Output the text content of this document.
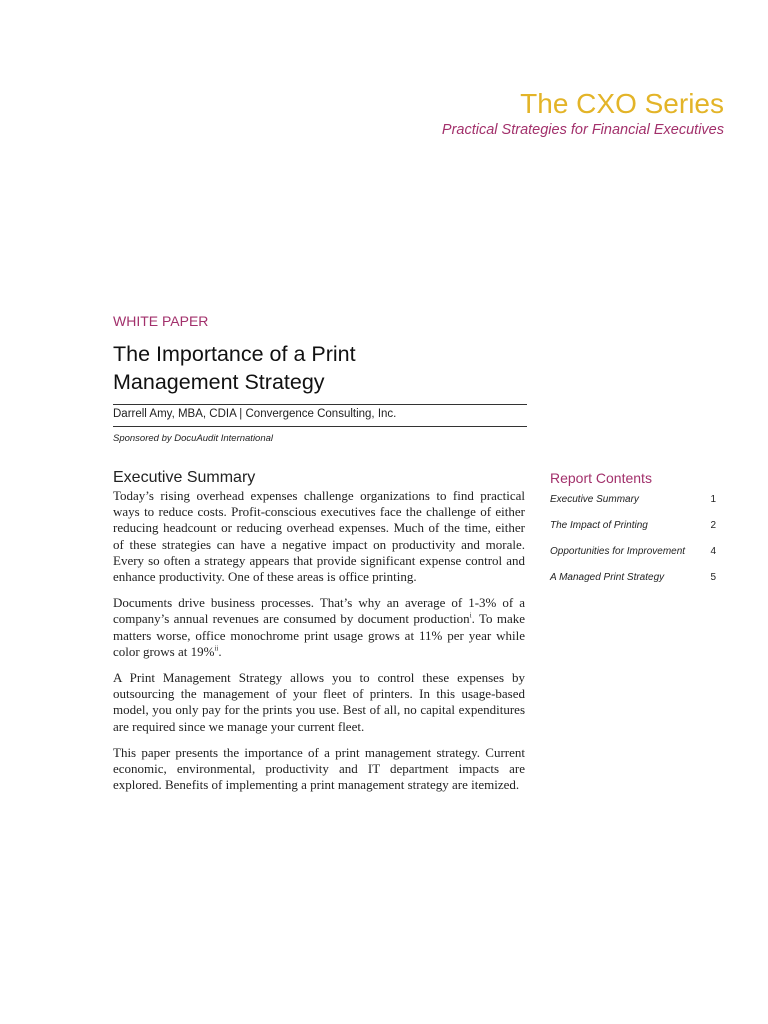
The CXO Series
Practical Strategies for Financial Executives
WHITE PAPER
The Importance of a Print
Management Strategy
Darrell Amy, MBA, CDIA | Convergence Consulting, Inc.
Sponsored by DocuAudit International
Executive Summary

Today’s rising overhead expenses challenge organizations to find practical ways to reduce costs. Profit-conscious executives face the challenge of either reducing headcount or reducing overhead expenses. Much of the time, either of these strategies can have a negative impact on productivity and morale. Every so often a strategy appears that provide significant expense control and enhance productivity. One of these areas is office printing.

Documents drive business processes. That’s why an average of 1-3% of a company’s annual revenues are consumed by document production$^i$. To make matters worse, office monochrome print usage grows at 11% per year while color grows at 19%$^{ii}$.

A Print Management Strategy allows you to control these expenses by outsourcing the management of your fleet of printers. In this usage-based model, you only pay for the prints you use. Best of all, no capital expenditures are required since we manage your current fleet.

This paper presents the importance of a print management strategy. Current economic, environmental, productivity and IT department impacts are explored. Benefits of implementing a print management strategy are itemized.

Report Contents
Executive Summary	1
The Impact of Printing	2
Opportunities for Improvement	4
A Managed Print Strategy	5
